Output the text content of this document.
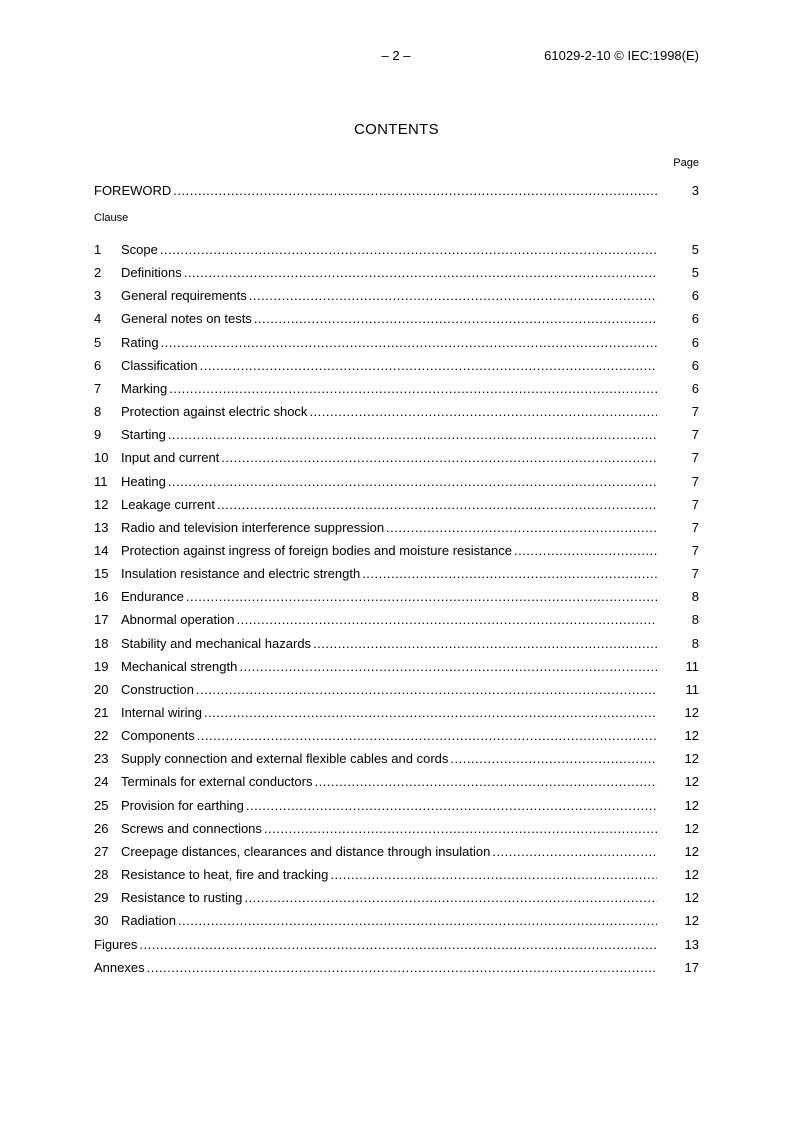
– 2 –	61029-2-10 © IEC:1998(E)
CONTENTS
Page
FOREWORD .....	3
Clause
1	Scope .....	5
2	Definitions .....	5
3	General requirements .....	6
4	General notes on tests .....	6
5	Rating .....	6
6	Classification .....	6
7	Marking .....	6
8	Protection against electric shock .....	7
9	Starting .....	7
10 Input and current .....	7
11	Heating .....	7
12 Leakage current .....	7
13 Radio and television interference suppression .....	7
14 Protection against ingress of foreign bodies and moisture resistance .....	7
15 Insulation resistance and electric strength .....	7
16 Endurance .....	8
17 Abnormal operation .....	8
18 Stability and mechanical hazards .....	8
19 Mechanical strength .....	11
20 Construction .....	11
21 Internal wiring .....	12
22 Components .....	12
23 Supply connection and external flexible cables and cords .....	12
24 Terminals for external conductors .....	12
25 Provision for earthing .....	12
26 Screws and connections .....	12
27 Creepage distances, clearances and distance through insulation .....	12
28 Resistance to heat, fire and tracking .....	12
29 Resistance to rusting .....	12
30 Radiation .....	12
Figures .....	13
Annexes .....	17
